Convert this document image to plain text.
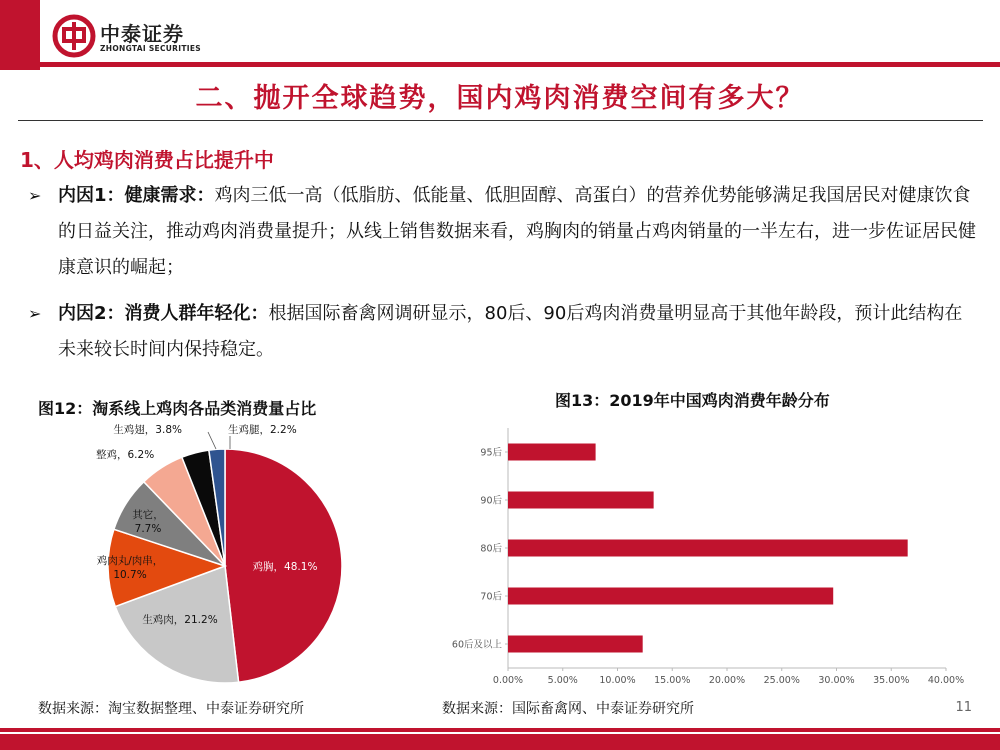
中泰证券
ZHONGTAI SECURITIES
二、抛开全球趋势，国内鸡肉消费空间有多大？
1、人均鸡肉消费占比提升中
➢ 内因1：健康需求：鸡肉三低一高（低脂肪、低能量、低胆固醇、高蛋白）的营养优势能够满足我国居民对健康饮食的日益关注，推动鸡肉消费量提升；从线上销售数据来看，鸡胸肉的销量占鸡肉销量的一半左右，进一步佐证居民健康意识的崛起；
➢ 内因2：消费人群年轻化：根据国际畜禽网调研显示，80后、90后鸡肉消费量明显高于其他年龄段，预计此结构在未来较长时间内保持稳定。
图12：淘系线上鸡肉各品类消费量占比
鸡胸，48.1%
生鸡肉，21.2%
鸡肉丸/肉串， 10.7%
其它， 7.7%
整鸡，6.2%
生鸡翅，3.8%	生鸡腿，2.2%
数据来源：淘宝数据整理、中泰证券研究所
图13：2019年中国鸡肉消费年龄分布
95后
90后
80后
70后
60后及以上
0.00%	5.00% 10.00% 15.00% 20.00% 25.00% 30.00% 35.00% 40.00%
数据来源：国际畜禽网、中泰证券研究所	11
